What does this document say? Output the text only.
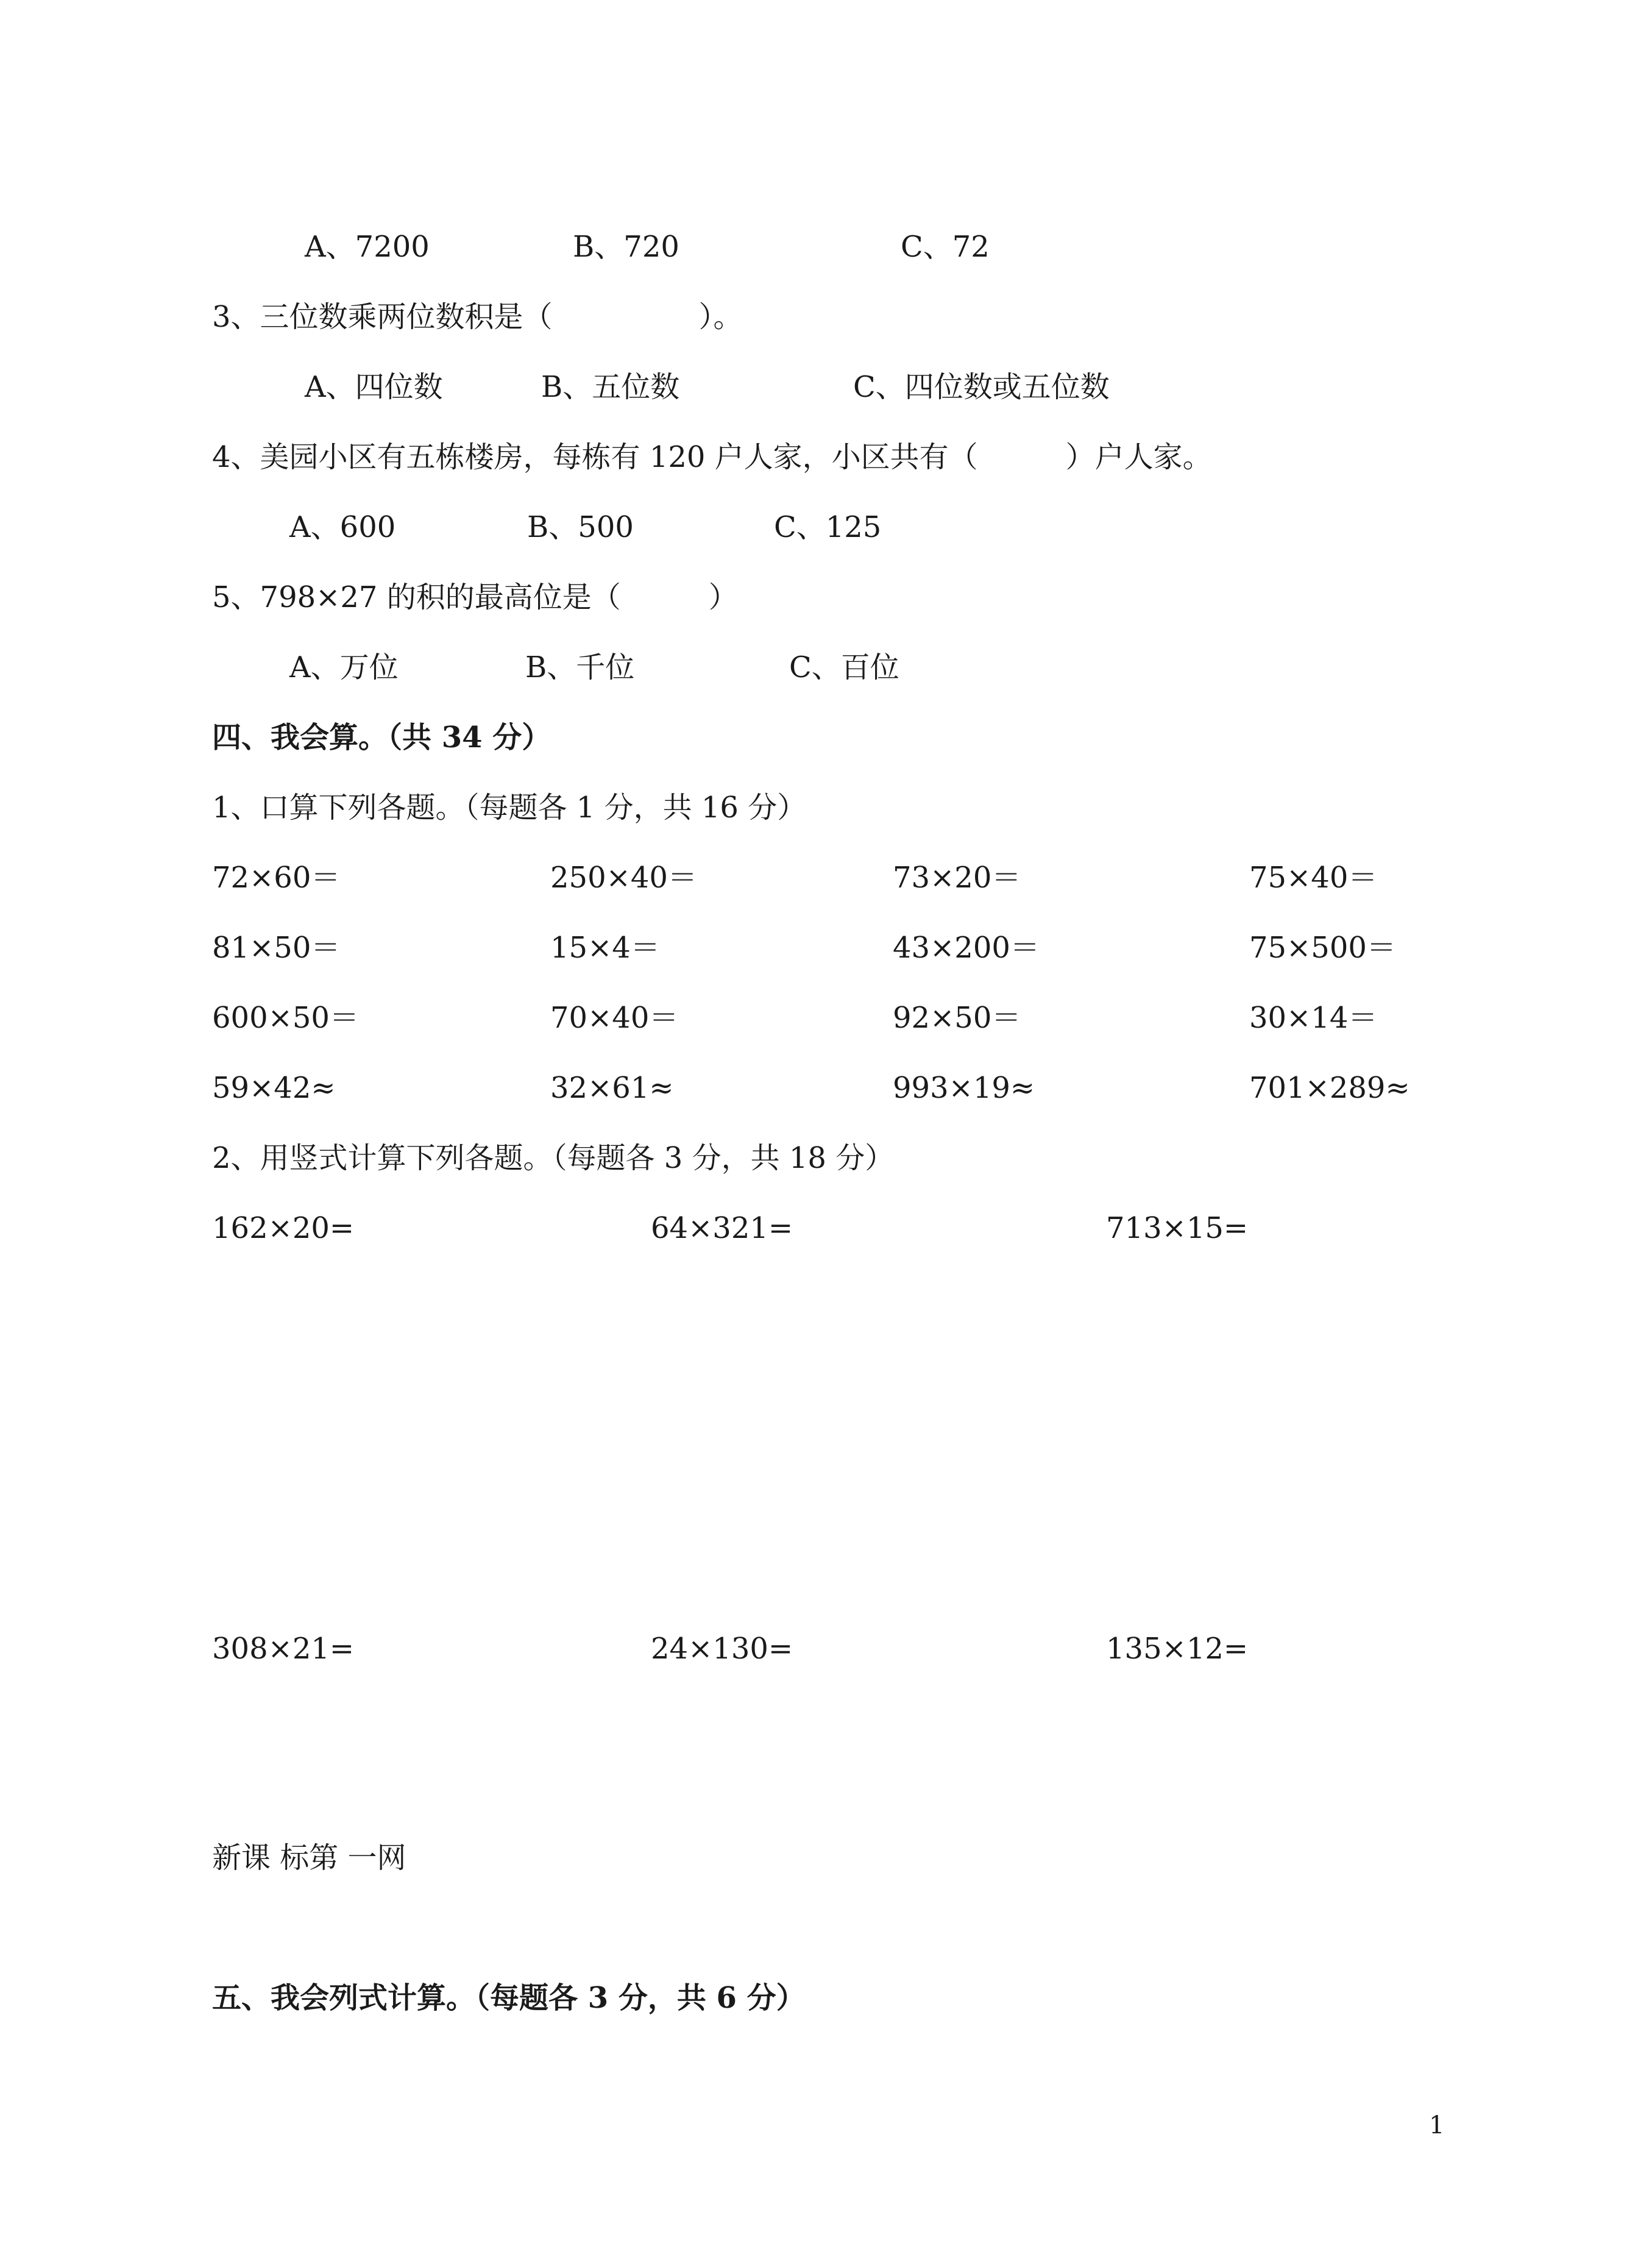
A、7200	B、720	C、72
3、三位数乘两位数积是（　　　　　）。
A、四位数	B、五位数	C、四位数或五位数
4、美园小区有五栋楼房，每栋有 120 户人家，小区共有（　　　）户人家。
A、600	B、500	C、125
5、798×27 的积的最高位是（　　　）
A、万位	B、千位	C、百位
四、我会算。（共 34 分）
1、口算下列各题。（每题各 1 分，共 16 分）
72×60＝	250×40＝	73×20＝	75×40＝
81×50＝	15×4＝	43×200＝	75×500＝
600×50＝	70×40＝	92×50＝	30×14＝
59×42≈	32×61≈	993×19≈	701×289≈
2、用竖式计算下列各题。（每题各 3 分，共 18 分）
162×20=	64×321=	713×15=
308×21=	24×130=	135×12=
新课 标第 一网
五、我会列式计算。（每题各 3 分，共 6 分）
1
